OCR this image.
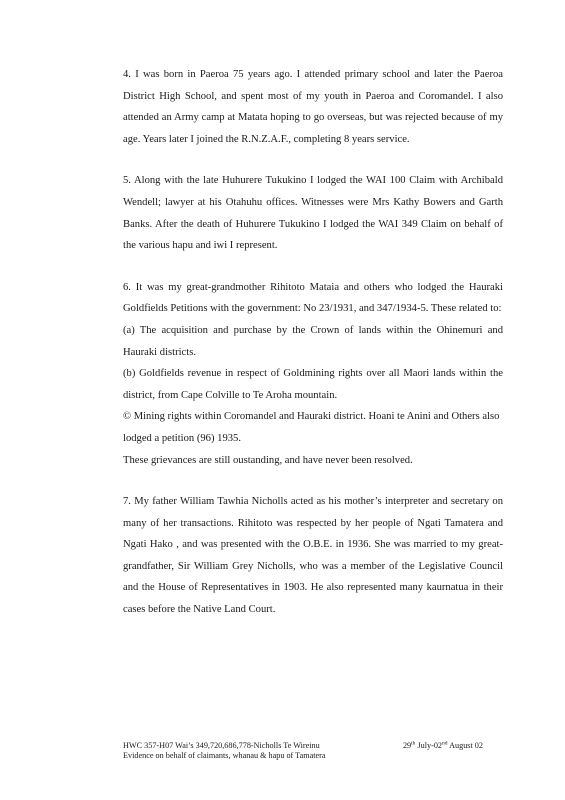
4. I was born in Paeroa 75 years ago. I attended primary school and later the Paeroa District High School, and spent most of my youth in Paeroa and Coromandel. I also attended an Army camp at Matata hoping to go overseas, but was rejected because of my age. Years later I joined the R.N.Z.A.F., completing 8 years service.

5. Along with the late Huhurere Tukukino I lodged the WAI 100 Claim with Archibald Wendell; lawyer at his Otahuhu offices. Witnesses were Mrs Kathy Bowers and Garth Banks. After the death of Huhurere Tukukino I lodged the WAI 349 Claim on behalf of the various hapu and iwi I represent.

6. It was my great-grandmother Rihitoto Mataia and others who lodged the Hauraki Goldfields Petitions with the government: No 23/1931, and 347/1934-5. These related to:

(a) The acquisition and purchase by the Crown of lands within the Ohinemuri and Hauraki districts.

(b) Goldfields revenue in respect of Goldmining rights over all Maori lands within the district, from Cape Colville to Te Aroha mountain.

© Mining rights within Coromandel and Hauraki district. Hoani te Anini and Others also lodged a petition (96) 1935.

These grievances are still oustanding, and have never been resolved.

7. My father William Tawhia Nicholls acted as his mother’s interpreter and secretary on many of her transactions. Rihitoto was respected by her people of Ngati Tamatera and Ngati Hako , and was presented with the O.B.E. in 1936. She was married to my great-grandfather, Sir William Grey Nicholls, who was a member of the Legislative Council and the House of Representatives in 1903. He also represented many kaurnatua in their cases before the Native Land Court.

HWC 357-H07 Wai’s 349,720,686,778-Nicholls Te Wireinu	29th July-02nd August 02
Evidence on behalf of claimants, whanau & hapu of Tamatera
